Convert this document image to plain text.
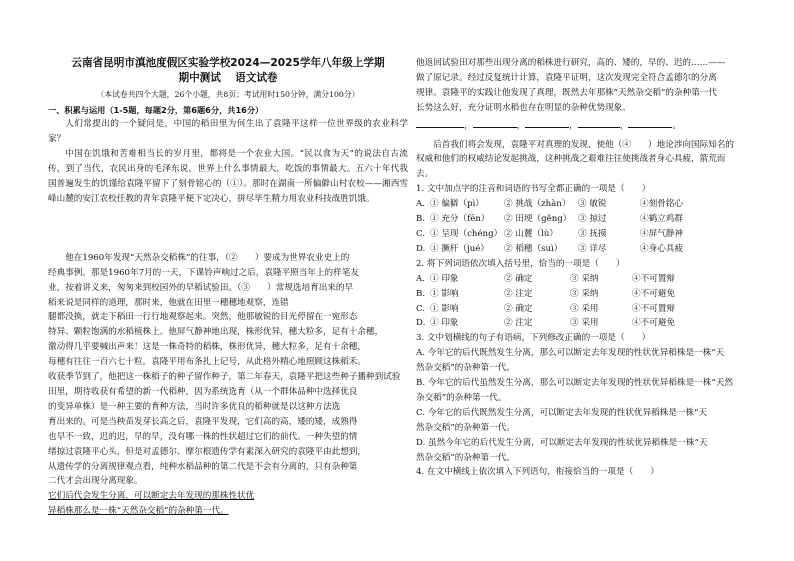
云南省昆明市滇池度假区实验学校2024—2025学年八年级上学期
期中测试　 语文试卷
（本试卷共四个大题，26个小题，共8页；考试用时150分钟，满分100分）
一、积累与运用（1-5题，每题2分，第6题6分，共16分）

人们常提出的一个疑问是，中国的稻田里为何生出了袁隆平这样一位世界级的农业科学家？

中国在饥饿和苦难相当长的岁月里，都将是一个农业大国。“民以食为天”的说法自古流传，到了当代，农民出身的毛泽东说，世界上什么事情最大，吃饭的事情最大。五六十年代我国普遍发生的饥馑给袁隆平留下了刻骨铭心的（①）。那时在湖南一所偏僻山村农校——湘西雪峰山麓的安江农校任教的青年袁隆平便下定决心，拼尽毕生精力用农业科技战胜饥饿。

他在1960年发现“天然杂交稻株”的往事，（②　　）要成为世界农业史上的
经典事例。那是1960年7月的一天，下课铃声响过之后，袁隆平照当年上的样笔友
业，按着讲义来，匆匆来到校园外的早稻试验田。（③　　）常规选培育出来的早
稻来说是同样的道理，那时来，他就在田里一穗穗地观察，连错
腿都没换，就走下稻田一行行地观察起来。突然，他那敏锐的目光停留在一宛形态
特异、颗粒饱满的水稻植株上。他屏气静神地出现，株形优异，穗大粒多，足有十余穗，
激动得几乎要喊出声来！这是一株奇特的稻株，株形优异，穗大粒多，足有十余穗，
每穗有往往一百六七十粒。袁隆平用布条扎上记号，从此格外精心地照顾这株稻禾。
收获季节到了，他把这一株稻子的种子留作种子，第二年春天，袁隆平把这些种子播种到试验
田里，期待收获有希望的新一代稻种，因为系统选育（从一个群体品种中选择优良
的变异单株）是一种主要的育种方法，当时许多优良的稻种就是以这种方法选
育出来的。可是当秧苗发芽长高之后，袁隆平发现，它们高的高，矮的矮，成熟得
也早不一致，迟的迟，早的早，没有哪一株的性状超过它们的前代。一种失望的情
绪掠过袁隆平心头，但是对孟德尔、摩尔根遗传学有素深入研究的袁隆平由此想到，
从遗传学的分离规律观点看，纯种水稻品种的第二代是不会有分离的，只有杂种第
二代才会出现分离现象。

它们后代会发生分离，可以断定去年发现的那株性状优

异稻株那么是一株“天然杂交稻”的杂种第一代。

他返回试验田对那些出现分离的稻株进行研究，高的、矮的，早的、迟的……——
做了原记录。经过反复统计计算，袁隆平证明，这次发现完全符合孟德尔的分离
规律。袁隆平的实践让他发现了真理，既然去年那株“天然杂交稻”的杂种第一代
长势这么好，充分证明水稻也存在明显的杂种优势现象。
，	，	，	，	。
后首我们将会发现，袁隆平对真理的发现，使他（④　　）地论涉向国际知名的
权威和他们的权威结论发起挑战，这种挑战之艰难往往使挑战者身心具疲，箭荒而
去。
1. 文中加点字的注音和词语的书写全都正确的一项是（　　）
A. ① 偏僻（pì）	② 挑战（zhàn） ③ 敏锐	④刻骨铭心
B. ① 充分（fēn）	② 田埂（gěng） ③ 掠过	④鹤立鸡群
C. ① 呈现（chéng） ② 山麓（lù）	③ 抚摸	④屏气静神
D. ① 撅杆（jué）	② 稻穗（suì）	③ 详尽	④身心具疲
2. 将下列词语依次填入括号里，恰当的一项是（　　）
A. ① 印象	② 确定	③ 采纳	④不可置辩
B. ① 影响	② 注定	③ 采纳	④不可避免
C. ① 影响	② 确定	③ 采用	④不可置辩
D. ① 印象	② 注定	③ 采用	④不可避免
3. 文中划横线的句子有语病，下列修改正确的一项是（　　）
A. 今年它的后代既然发生分离，那么可以断定去年发现的性状优异稻株是一株“天
然杂交稻”的杂种第一代。
B. 今年它的后代虽然发生分离，那么可以断定去年发现的性状优异稻株是一株“天然
杂交稻”的杂种第一代。
C. 今年它的后代既然发生分离，可以断定去年发现的性状优异稻株是一株“天
然杂交稻”的杂种第一代。
D. 虽然今年它的后代发生分离，可以断定去年发现的性状优异稻株是一株“天
然杂交稻”的杂种第一代。
4. 在文中横线上依次填入下列语句，衔接恰当的一项是（　　）
